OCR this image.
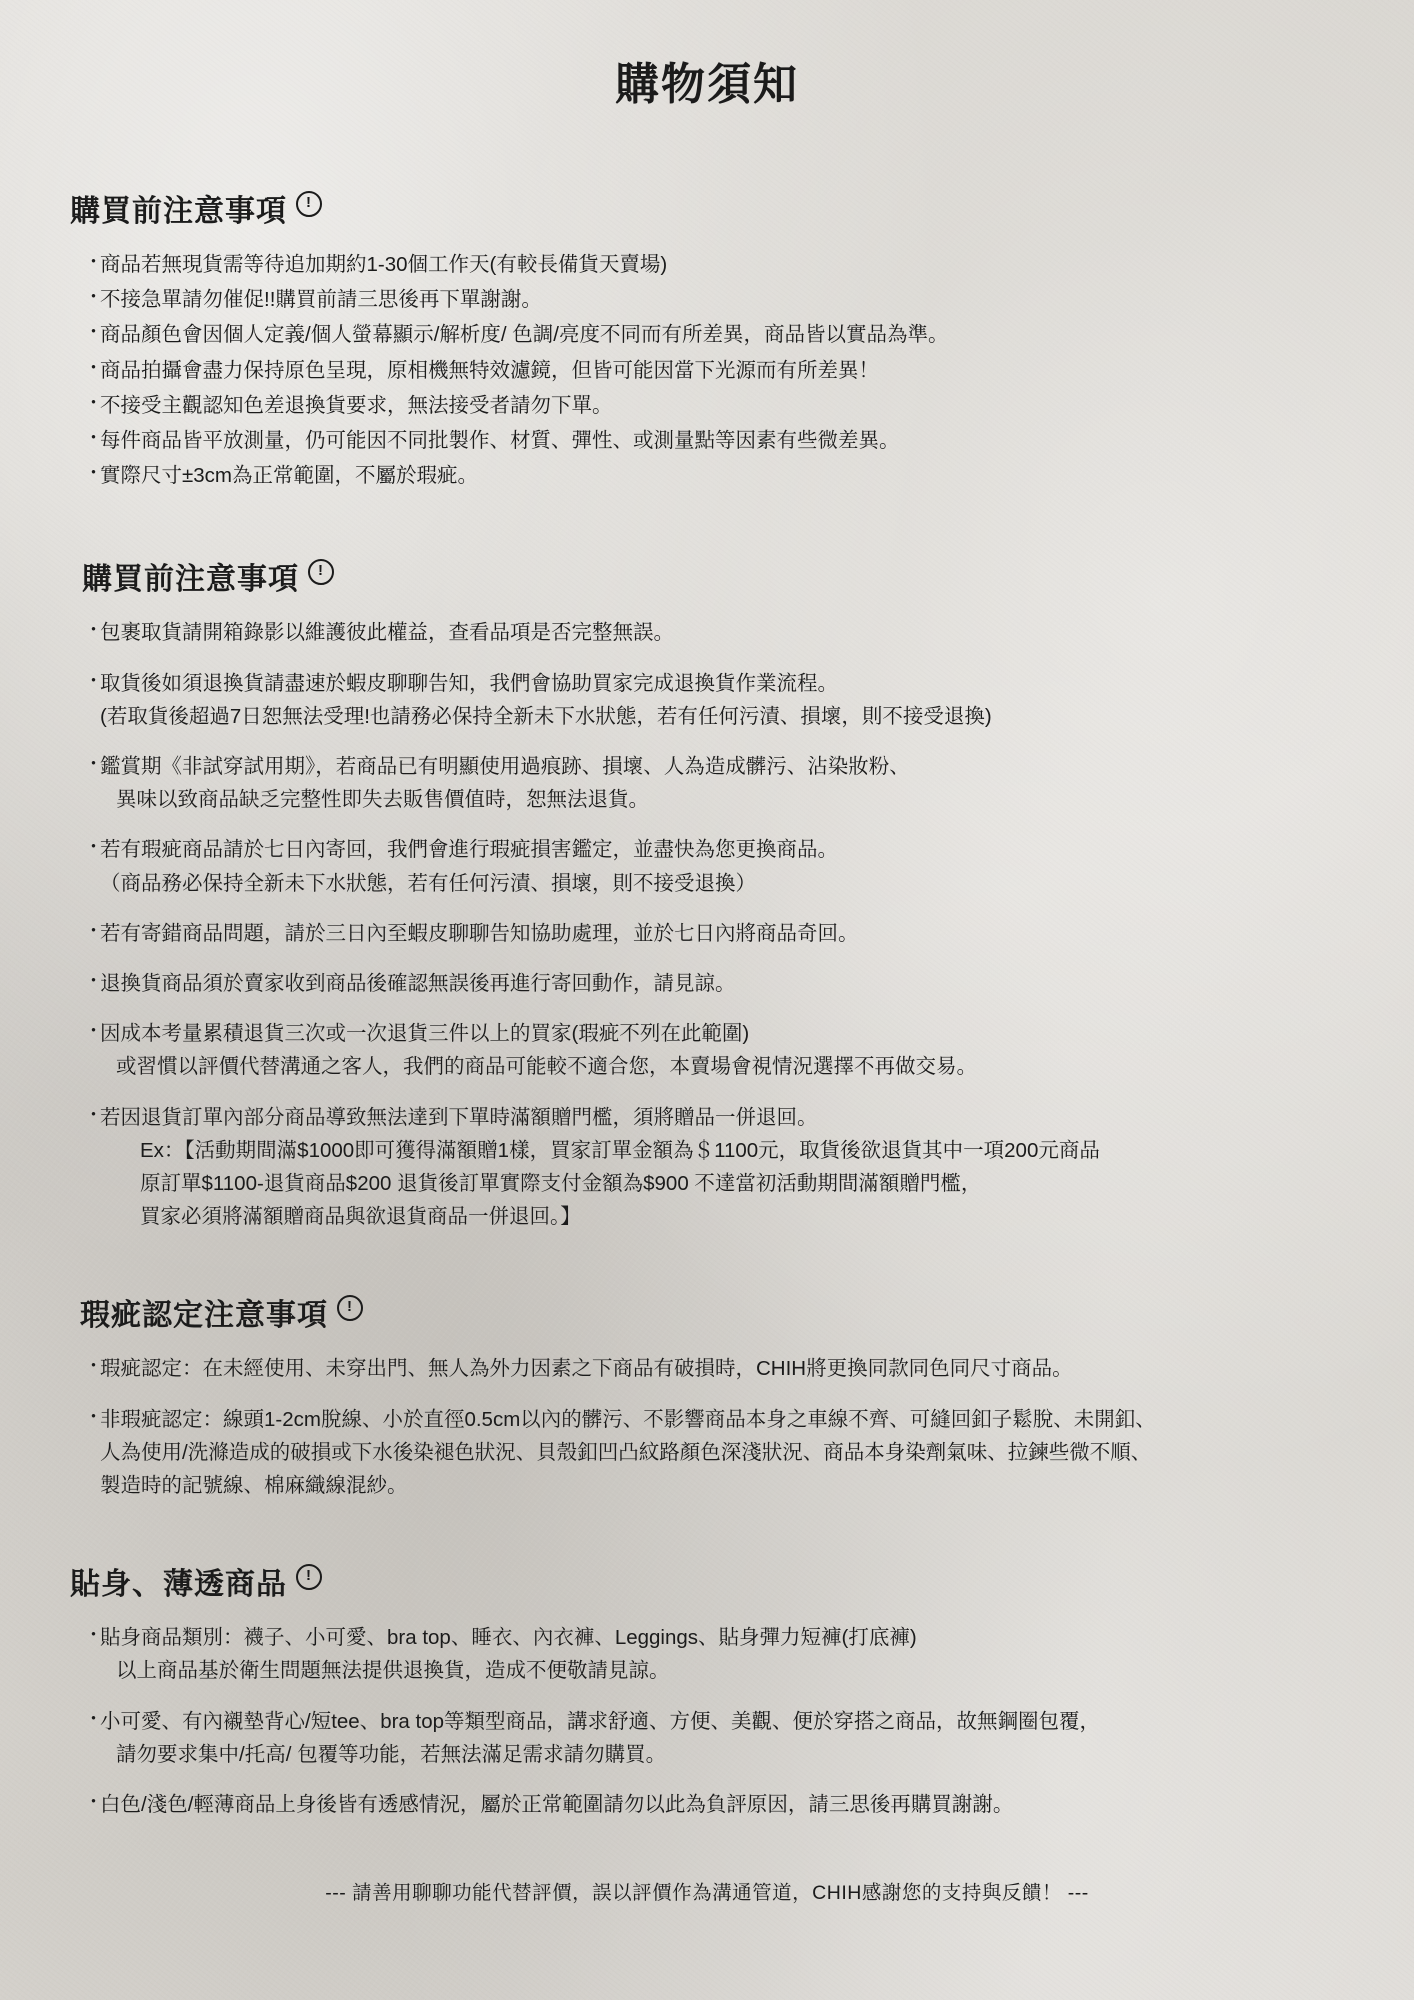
購物須知
購買前注意事項	!
・
商品若無現貨需等待追加期約1-30個工作天(有較長備貨天賣場)
・
不接急單請勿催促!!購買前請三思後再下單謝謝。
・
商品顏色會因個人定義/個人螢幕顯示/解析度/ 色調/亮度不同而有所差異，商品皆以實品為準。
・
商品拍攝會盡力保持原色呈現，原相機無特效濾鏡，但皆可能因當下光源而有所差異！
・
不接受主觀認知色差退換貨要求，無法接受者請勿下單。
・
每件商品皆平放測量，仍可能因不同批製作、材質、彈性、或測量點等因素有些微差異。
・
實際尺寸±3cm為正常範圍，不屬於瑕疵。
購買前注意事項	!
・
包裹取貨請開箱錄影以維護彼此權益，查看品項是否完整無誤。
・
取貨後如須退換貨請盡速於蝦皮聊聊告知，我們會協助買家完成退換貨作業流程。
(若取貨後超過7日恕無法受理!也請務必保持全新未下水狀態，若有任何污漬、損壞，則不接受退換)
・
鑑賞期《非試穿試用期》，若商品已有明顯使用過痕跡、損壞、人為造成髒污、沾染妝粉、
異味以致商品缺乏完整性即失去販售價值時，恕無法退貨。
・
若有瑕疵商品請於七日內寄回，我們會進行瑕疵損害鑑定，並盡快為您更換商品。
（商品務必保持全新未下水狀態，若有任何污漬、損壞，則不接受退換）
・
若有寄錯商品問題，請於三日內至蝦皮聊聊告知協助處理，並於七日內將商品奇回。
・
退換貨商品須於賣家收到商品後確認無誤後再進行寄回動作，請見諒。
・
因成本考量累積退貨三次或一次退貨三件以上的買家(瑕疵不列在此範圍)
或習慣以評價代替溝通之客人，我們的商品可能較不適合您，本賣場會視情況選擇不再做交易。
・
若因退貨訂單內部分商品導致無法達到下單時滿額贈門檻，須將贈品一併退回。
Ex：【活動期間滿$1000即可獲得滿額贈1樣，買家訂單金額為＄1100元，取貨後欲退貨其中一項200元商品
原訂單$1100-退貨商品$200 退貨後訂單實際支付金額為$900 不達當初活動期間滿額贈門檻，
買家必須將滿額贈商品與欲退貨商品一併退回。】
瑕疵認定注意事項	!
・
瑕疵認定：在未經使用、未穿出門、無人為外力因素之下商品有破損時，CHIH將更換同款同色同尺寸商品。
・
非瑕疵認定：線頭1-2cm脫線、小於直徑0.5cm以內的髒污、不影響商品本身之車線不齊、可縫回釦子鬆脫、未開釦、
人為使用/洗滌造成的破損或下水後染褪色狀況、貝殼釦凹凸紋路顏色深淺狀況、商品本身染劑氣味、拉鍊些微不順、
製造時的記號線、棉麻織線混紗。
貼身、薄透商品	!
・
貼身商品類別：襪子、小可愛、bra top、睡衣、內衣褲、Leggings、貼身彈力短褲(打底褲)
以上商品基於衛生問題無法提供退換貨，造成不便敬請見諒。
・
小可愛、有內襯墊背心/短tee、bra top等類型商品，講求舒適、方便、美觀、便於穿搭之商品，故無鋼圈包覆，
請勿要求集中/托高/ 包覆等功能，若無法滿足需求請勿購買。
・
白色/淺色/輕薄商品上身後皆有透感情況，屬於正常範圍請勿以此為負評原因，請三思後再購買謝謝。
--- 請善用聊聊功能代替評價，誤以評價作為溝通管道，CHIH感謝您的支持與反饋！ ---
